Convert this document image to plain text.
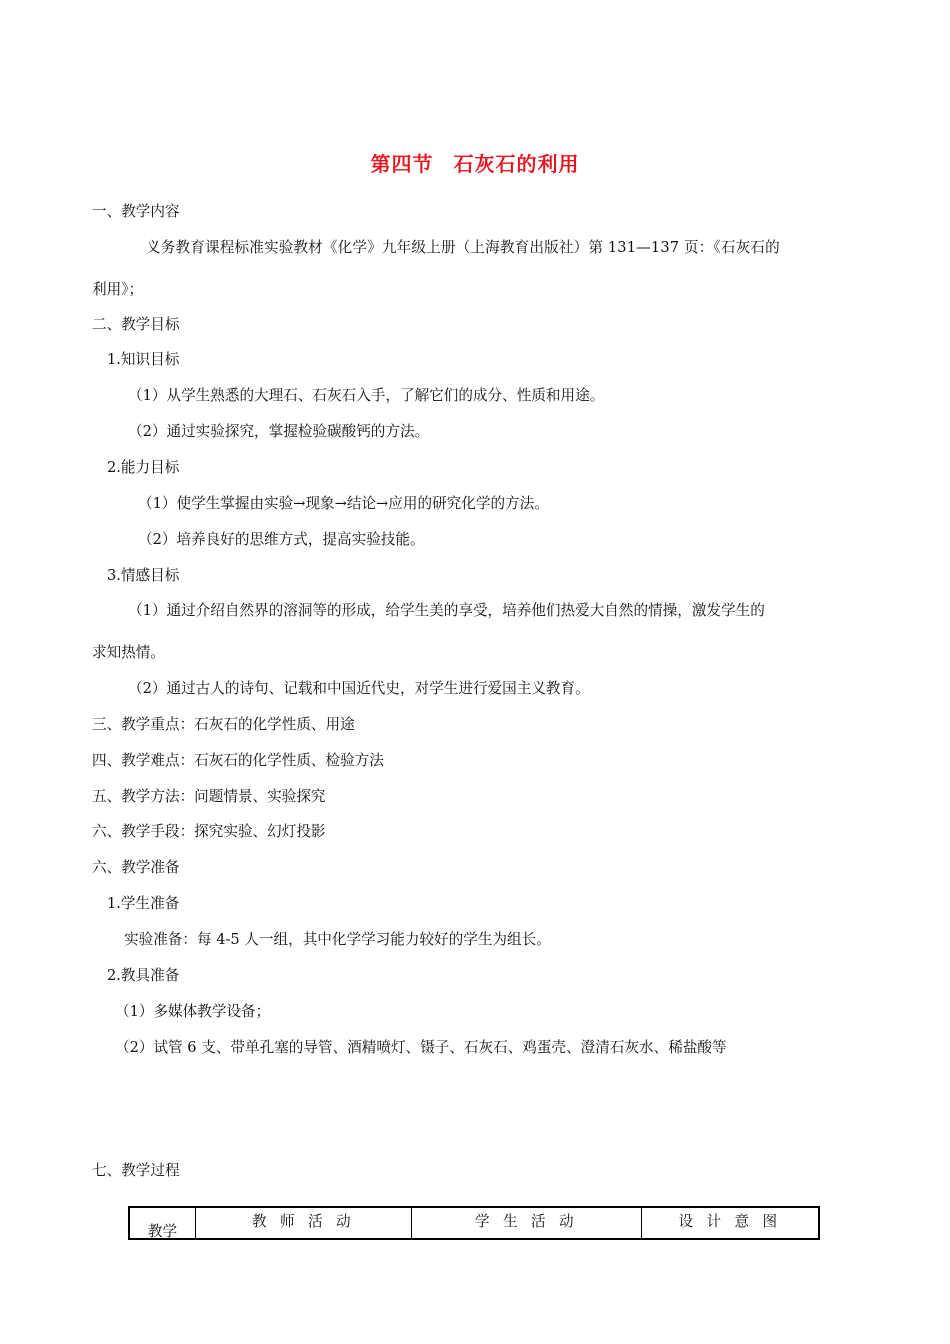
第四节 石灰石的利用
一、教学内容
义务教育课程标准实验教材《化学》九年级上册（上海教育出版社）第 131—137 页：《石灰石的
利用》；
二、教学目标
1.知识目标
（1）从学生熟悉的大理石、石灰石入手，了解它们的成分、性质和用途。
（2）通过实验探究，掌握检验碳酸钙的方法。
2.能力目标
（1）使学生掌握由实验→现象→结论→应用的研究化学的方法。
（2）培养良好的思维方式，提高实验技能。
3.情感目标
（1）通过介绍自然界的溶洞等的形成，给学生美的享受，培养他们热爱大自然的情操，激发学生的
求知热情。
（2）通过古人的诗句、记载和中国近代史，对学生进行爱国主义教育。
三、教学重点：石灰石的化学性质、用途
四、教学难点：石灰石的化学性质、检验方法
五、教学方法：问题情景、实验探究
六、教学手段：探究实验、幻灯投影
六、教学准备
1.学生准备
实验准备：每 4-5 人一组，其中化学学习能力较好的学生为组长。
2.教具准备
（1）多媒体教学设备；
（2）试管 6 支、带单孔塞的导管、酒精喷灯、镊子、石灰石、鸡蛋壳、澄清石灰水、稀盐酸等
七、教学过程
教学
教 师 活 动	学 生 活 动	设 计 意 图
